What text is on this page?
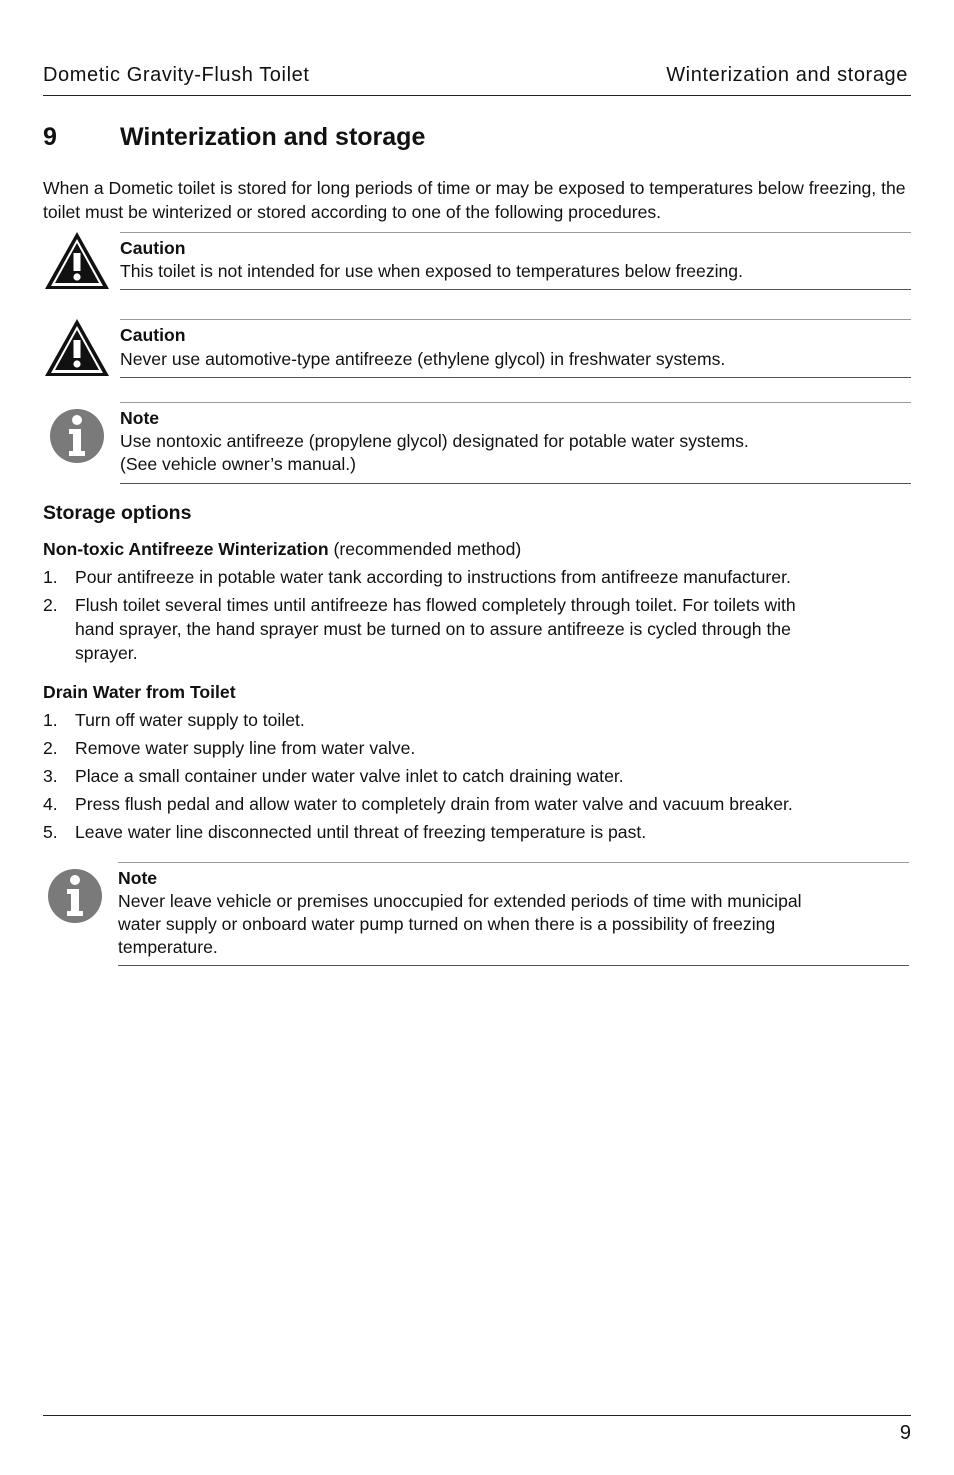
Dometic Gravity-Flush Toilet	Winterization and storage
9	Winterization and storage
When a Dometic toilet is stored for long periods of time or may be exposed to temperatures below freezing, the toilet must be winterized or stored according to one of the following procedures.
Caution
This toilet is not intended for use when exposed to temperatures below freezing.
Caution
Never use automotive-type antifreeze (ethylene glycol) in freshwater systems.
Note
Use nontoxic antifreeze (propylene glycol) designated for potable water systems.
(See vehicle owner’s manual.)
Storage options
Non-toxic Antifreeze Winterization (recommended method)
1. Pour antifreeze in potable water tank according to instructions from antifreeze manufacturer.
2. Flush toilet several times until antifreeze has flowed completely through toilet. For toilets with
hand sprayer, the hand sprayer must be turned on to assure antifreeze is cycled through the
sprayer.
Drain Water from Toilet
1. Turn off water supply to toilet.
2. Remove water supply line from water valve.
3. Place a small container under water valve inlet to catch draining water.
4. Press flush pedal and allow water to completely drain from water valve and vacuum breaker.
5. Leave water line disconnected until threat of freezing temperature is past.
Note
Never leave vehicle or premises unoccupied for extended periods of time with municipal
water supply or onboard water pump turned on when there is a possibility of freezing
temperature.
9
